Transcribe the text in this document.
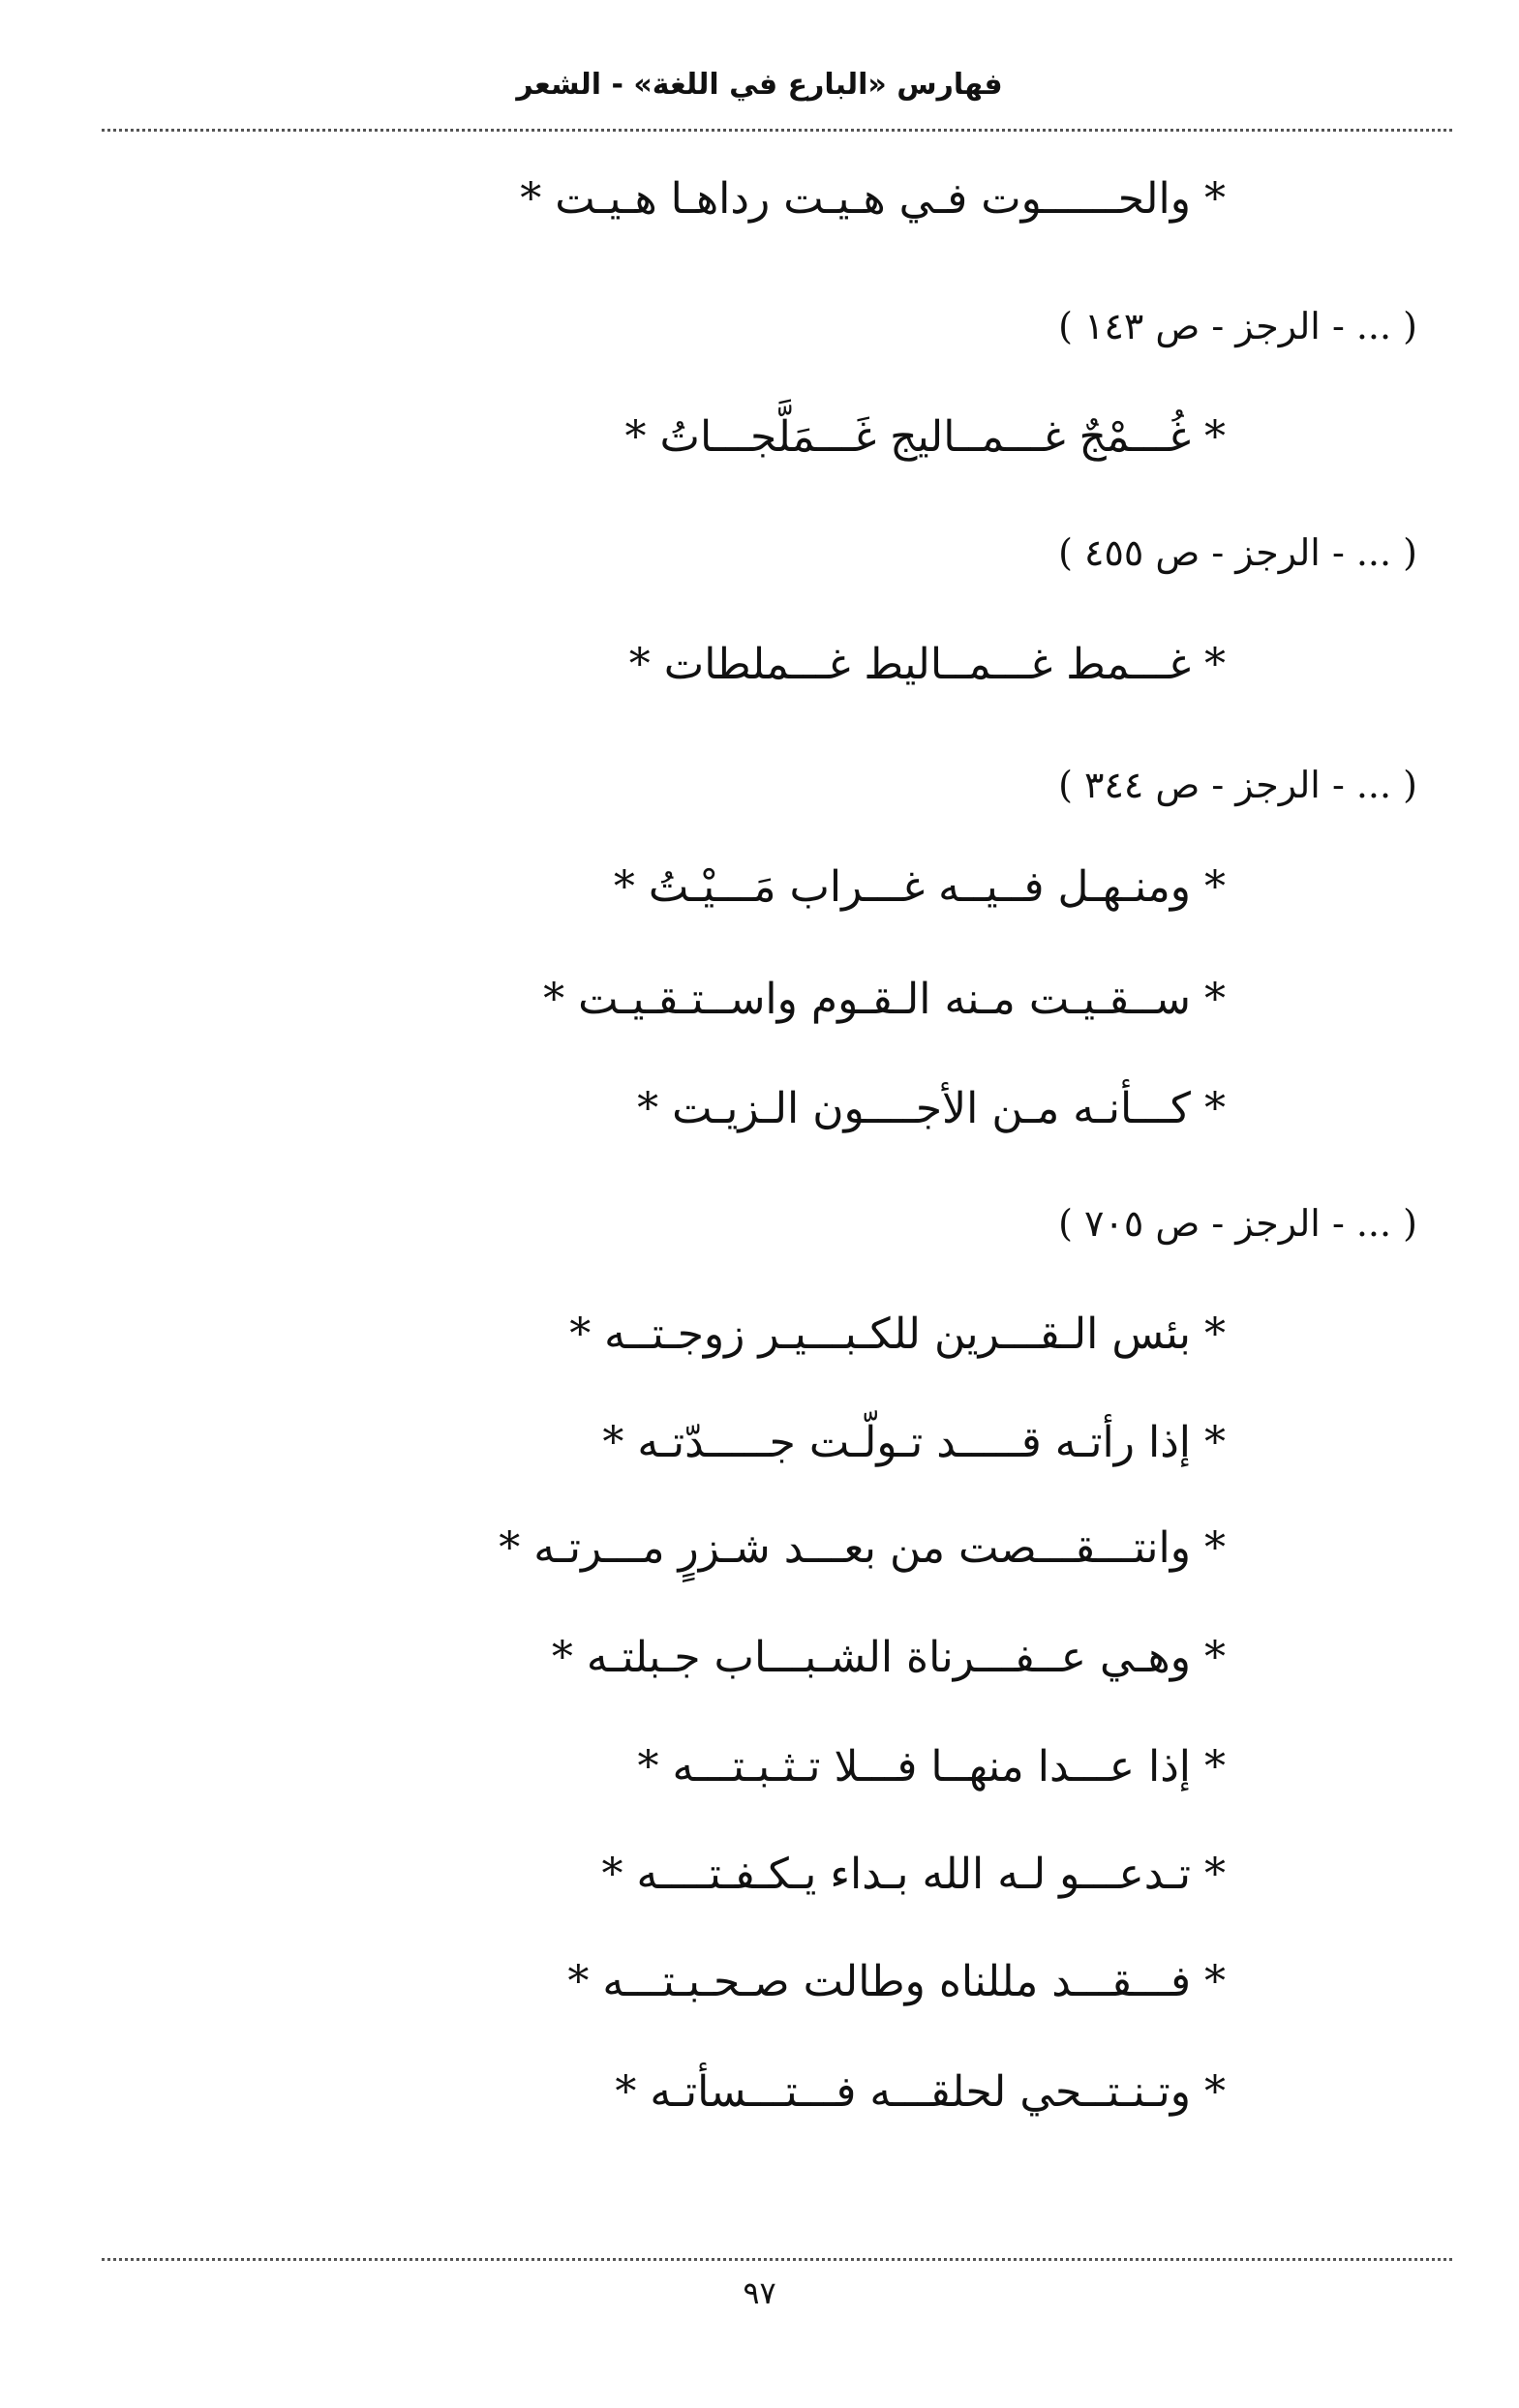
فهارس «البارع في اللغة» - الشعر
* والحــــــوت فـي هـيـت رداهـا هـيـت *
( ... - الرجز - ص ١٤٣ )
* غُـــمْجٌ غـــمــاليج غَـــمَلَّجـــاتُ *
( ... - الرجز - ص ٤٥٥ )
* غـــمط غـــمــاليط غـــملطات *
( ... - الرجز - ص ٣٤٤ )
* ومنـهـل فــيــه غـــراب مَـــيْـتُ *
* ســقـيـت مـنه الـقـوم واســتـقـيـت *
* كـــأنـه مـن الأجــــون الـزيـت *
( ... - الرجز - ص ٧٠٥ )
* بئس الـقـــرين للكـبـــيـر زوجـتــه *
* إذا رأتـه قـــــد تـولّـت جـــــدّتـه *
* وانتـــقـــصت من بعـــد شـزرٍ مـــرتـه *
* وهـي عــفـــرناة الشـبـــاب جـبلتـه *
* إذا عـــدا منهــا فـــلا تـثـبـتـــه *
* تـدعـــو لـه الله بـداء يـكـفـتــــه *
* فـــقـــد مللناه وطالت صـحـبـتـــه *
* وتـنـتــحي لحلقـــه فـــتـــسأتـه *
٩٧
